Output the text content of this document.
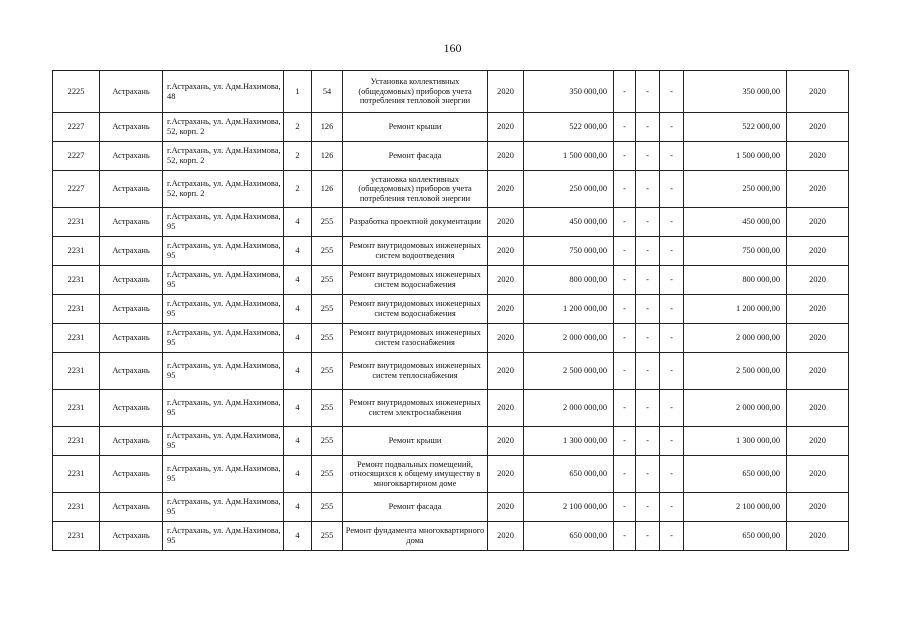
160
2225	Астрахань	г.Астрахань, ул. Адм.Нахимова, 48	1	54	Установка коллективных (общедомовых) приборов учета потребления тепловой энергии	2020	350 000,00	-	-	-	350 000,00	2020
2227	Астрахань	г.Астрахань, ул. Адм.Нахимова, 52, корп. 2	2	126	Ремонт крыши	2020	522 000,00	-	-	-	522 000,00	2020
2227	Астрахань	г.Астрахань, ул. Адм.Нахимова, 52, корп. 2	2	126	Ремонт фасада	2020	1 500 000,00	-	-	-	1 500 000,00	2020
2227	Астрахань	г.Астрахань, ул. Адм.Нахимова, 52, корп. 2	2	126	установка коллективных (общедомовых) приборов учета потребления тепловой энергии	2020	250 000,00	-	-	-	250 000,00	2020
2231	Астрахань	г.Астрахань, ул. Адм.Нахимова, 95	4	255	Разработка проектной документации	2020	450 000,00	-	-	-	450 000,00	2020
2231	Астрахань	г.Астрахань, ул. Адм.Нахимова, 95	4	255	Ремонт внутридомовых инженерных систем водоотведения	2020	750 000,00	-	-	-	750 000,00	2020
2231	Астрахань	г.Астрахань, ул. Адм.Нахимова, 95	4	255	Ремонт внутридомовых инженерных систем водоснабжения	2020	800 000,00	-	-	-	800 000,00	2020
2231	Астрахань	г.Астрахань, ул. Адм.Нахимова, 95	4	255	Ремонт внутридомовых инженерных систем водоснабжения	2020	1 200 000,00	-	-	-	1 200 000,00	2020
2231	Астрахань	г.Астрахань, ул. Адм.Нахимова, 95	4	255	Ремонт внутридомовых инженерных систем газоснабжения	2020	2 000 000,00	-	-	-	2 000 000,00	2020
2231	Астрахань	г.Астрахань, ул. Адм.Нахимова, 95	4	255	Ремонт внутридомовых инженерных систем теплоснабжения	2020	2 500 000,00	-	-	-	2 500 000,00	2020
2231	Астрахань	г.Астрахань, ул. Адм.Нахимова, 95	4	255	Ремонт внутридомовых инженерных систем электроснабжения	2020	2 000 000,00	-	-	-	2 000 000,00	2020
2231	Астрахань	г.Астрахань, ул. Адм.Нахимова, 95	4	255	Ремонт крыши	2020	1 300 000,00	-	-	-	1 300 000,00	2020
2231	Астрахань	г.Астрахань, ул. Адм.Нахимова, 95	4	255	Ремонт подвальных помещений, относящихся к общему имуществу в многоквартирном доме	2020	650 000,00	-	-	-	650 000,00	2020
2231	Астрахань	г.Астрахань, ул. Адм.Нахимова, 95	4	255	Ремонт фасада	2020	2 100 000,00	-	-	-	2 100 000,00	2020
2231	Астрахань	г.Астрахань, ул. Адм.Нахимова, 95	4	255	Ремонт фундамента многоквартирного дома	2020	650 000,00	-	-	-	650 000,00	2020
